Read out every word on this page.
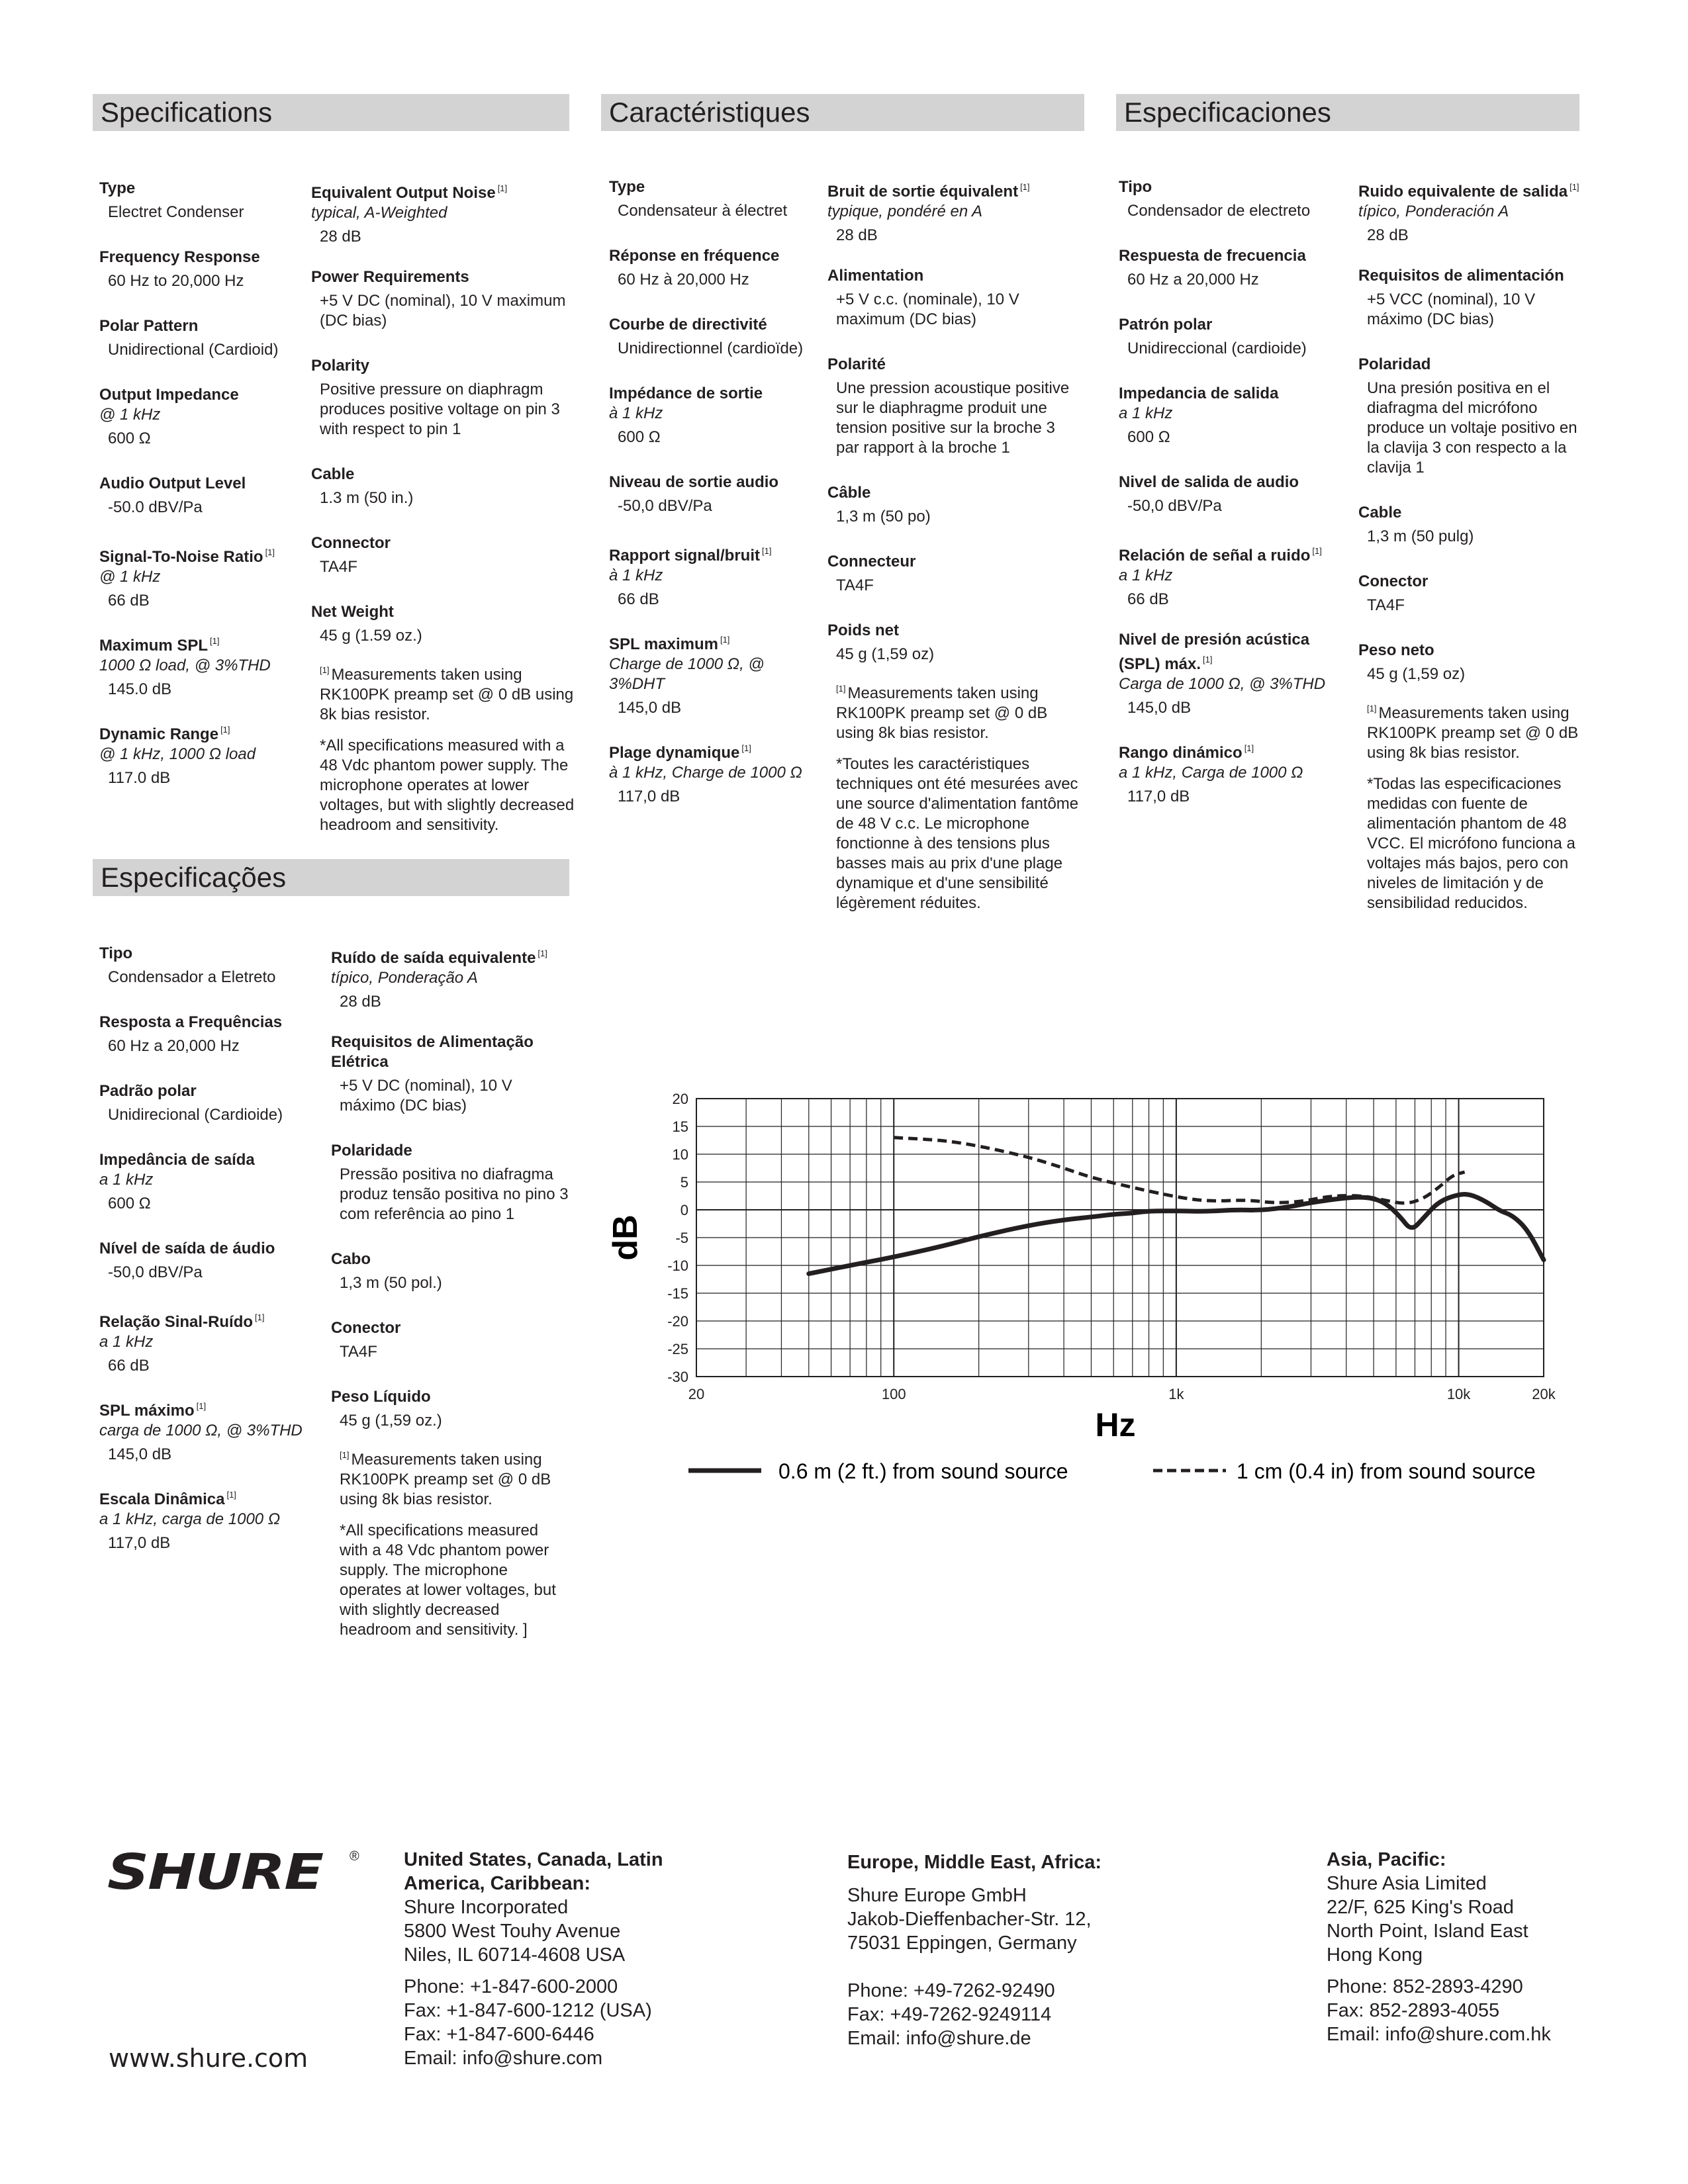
Specifications
Type
Electret Condenser
Frequency Response
60 Hz to 20,000 Hz
Polar Pattern
Unidirectional (Cardioid)
Output Impedance
@ 1 kHz
600 Ω
Audio Output Level
-50.0 dBV/Pa
Signal-To-Noise Ratio [1]
@ 1 kHz
66 dB
Maximum SPL [1]
1000 Ω load, @ 3%THD
145.0 dB
Dynamic Range [1]
@ 1 kHz, 1000 Ω load
117.0 dB
Equivalent Output Noise [1]
typical, A-Weighted
28 dB
Power Requirements
+5 V DC (nominal), 10 V maximum (DC bias)
Polarity
Positive pressure on diaphragm produces positive voltage on pin 3 with respect to pin 1
Cable
1.3 m (50 in.)
Connector
TA4F
Net Weight
45 g (1.59 oz.)
[1] Measurements taken using RK100PK preamp set @ 0 dB using 8k bias resistor.
*All specifications measured with a 48 Vdc phantom power supply. The microphone operates at lower voltages, but with slightly decreased headroom and sensitivity.
Caractéristiques
Type
Condensateur à électret
Réponse en fréquence
60 Hz à 20,000 Hz
Courbe de directivité
Unidirectionnel (cardioïde)
Impédance de sortie
à 1 kHz
600 Ω
Niveau de sortie audio
-50,0 dBV/Pa
Rapport signal/bruit [1]
à 1 kHz
66 dB
SPL maximum [1]
Charge de 1000 Ω, @ 3%DHT
145,0 dB
Plage dynamique [1]
à 1 kHz, Charge de 1000 Ω
117,0 dB
Bruit de sortie équivalent [1]
typique, pondéré en A
28 dB
Alimentation
+5 V c.c. (nominale), 10 V maximum (DC bias)
Polarité
Une pression acoustique positive sur le diaphragme produit une tension positive sur la broche 3 par rapport à la broche 1
Câble
1,3 m (50 po)
Connecteur
TA4F
Poids net
45 g (1,59 oz)
[1] Measurements taken using RK100PK preamp set @ 0 dB using 8k bias resistor.
*Toutes les caractéristiques techniques ont été mesurées avec une source d'alimentation fantôme de 48 V c.c. Le microphone fonctionne à des tensions plus basses mais au prix d'une plage dynamique et d'une sensibilité légèrement réduites.
Especificaciones
Tipo
Condensador de electreto
Respuesta de frecuencia
60 Hz a 20,000 Hz
Patrón polar
Unidireccional (cardioide)
Impedancia de salida
a 1 kHz
600 Ω
Nivel de salida de audio
-50,0 dBV/Pa
Relación de señal a ruido [1]
a 1 kHz
66 dB
Nivel de presión acústica (SPL) máx. [1]
Carga de 1000 Ω, @ 3%THD
145,0 dB
Rango dinámico [1]
a 1 kHz, Carga de 1000 Ω
117,0 dB
Ruido equivalente de salida [1]
típico, Ponderación A
28 dB
Requisitos de alimentación
+5 VCC (nominal), 10 V máximo (DC bias)
Polaridad
Una presión positiva en el diafragma del micrófono produce un voltaje positivo en la clavija 3 con respecto a la clavija 1
Cable
1,3 m (50 pulg)
Conector
TA4F
Peso neto
45 g (1,59 oz)
[1] Measurements taken using RK100PK preamp set @ 0 dB using 8k bias resistor.
*Todas las especificaciones medidas con fuente de alimentación phantom de 48 VCC. El micrófono funciona a voltajes más bajos, pero con niveles de limitación y de sensibilidad reducidos.
Especificações
Tipo
Condensador a Eletreto
Resposta a Frequências
60 Hz a 20,000 Hz
Padrão polar
Unidirecional (Cardioide)
Impedância de saída
a 1 kHz
600 Ω
Nível de saída de áudio
-50,0 dBV/Pa
Relação Sinal-Ruído [1]
a 1 kHz
66 dB
SPL máximo [1]
carga de 1000 Ω, @ 3%THD
145,0 dB
Escala Dinâmica [1]
a 1 kHz, carga de 1000 Ω
117,0 dB
Ruído de saída equivalente [1]
típico, Ponderação A
28 dB
Requisitos de Alimentação Elétrica
+5 V DC (nominal), 10 V máximo (DC bias)
Polaridade
Pressão positiva no diafragma produz tensão positiva no pino 3 com referência ao pino 1
Cabo
1,3 m (50 pol.)
Conector
TA4F
Peso Líquido
45 g (1,59 oz.)
[1] Measurements taken using RK100PK preamp set @ 0 dB using 8k bias resistor.
*All specifications measured with a 48 Vdc phantom power supply. The microphone operates at lower voltages, but with slightly decreased headroom and sensitivity. ]
20
15
10
5
0
-5
-10
-15
-20
-25
-30
20	100	1k	10k	20k
dB
Hz
0.6 m (2 ft.) from sound source	1 cm (0.4 in) from sound source
SHURE ®
www.shure.com
United States, Canada, Latin America, Caribbean:
Shure Incorporated
5800 West Touhy Avenue
Niles, IL 60714-4608 USA
Phone: +1-847-600-2000
Fax: +1-847-600-1212 (USA)
Fax: +1-847-600-6446
Email: info@shure.com
Europe, Middle East, Africa:
Shure Europe GmbH
Jakob-Dieffenbacher-Str. 12,
75031 Eppingen, Germany
Phone: +49-7262-92490
Fax: +49-7262-9249114
Email: info@shure.de
Asia, Pacific:
Shure Asia Limited
22/F, 625 King's Road
North Point, Island East
Hong Kong
Phone: 852-2893-4290
Fax: 852-2893-4055
Email: info@shure.com.hk
